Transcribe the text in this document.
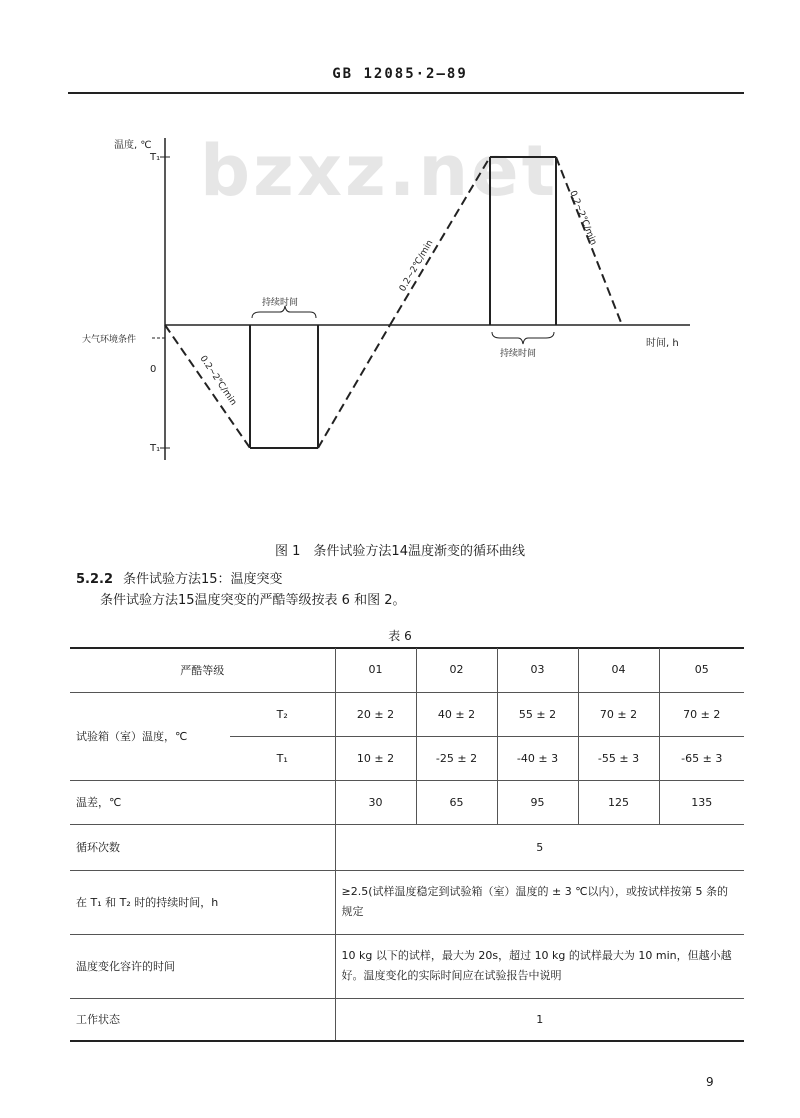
GB 12085·2—89
bzxz.net
温度, ℃
T₁
T₁
0
大气环境条件	时间, h
持续时间
持续时间
0.2~2℃/min
0.2~2℃/min
0.2~2℃/min
图 1　条件试验方法14温度渐变的循环曲线
5.2.2 条件试验方法15：温度突变
条件试验方法15温度突变的严酷等级按表 6 和图 2。
表 6
严酷等级		01	02	03	04	05
试验箱（室）温度，℃	T₂	20 ± 2	40 ± 2	55 ± 2	70 ± 2	70 ± 2
	T₁	10 ± 2	-25 ± 2	-40 ± 3	-55 ± 3	-65 ± 3
温差，℃		30	65	95	125	135
循环次数		5				
在 T₁ 和 T₂ 时的持续时间，h		≥2.5(试样温度稳定到试验箱（室）温度的 ± 3 ℃以内），或按试样按第 5 条的规定				
温度变化容许的时间		10 kg 以下的试样，最大为 20s，超过 10 kg 的试样最大为 10 min，但越小越好。温度变化的实际时间应在试验报告中说明				
工作状态		1				
9
